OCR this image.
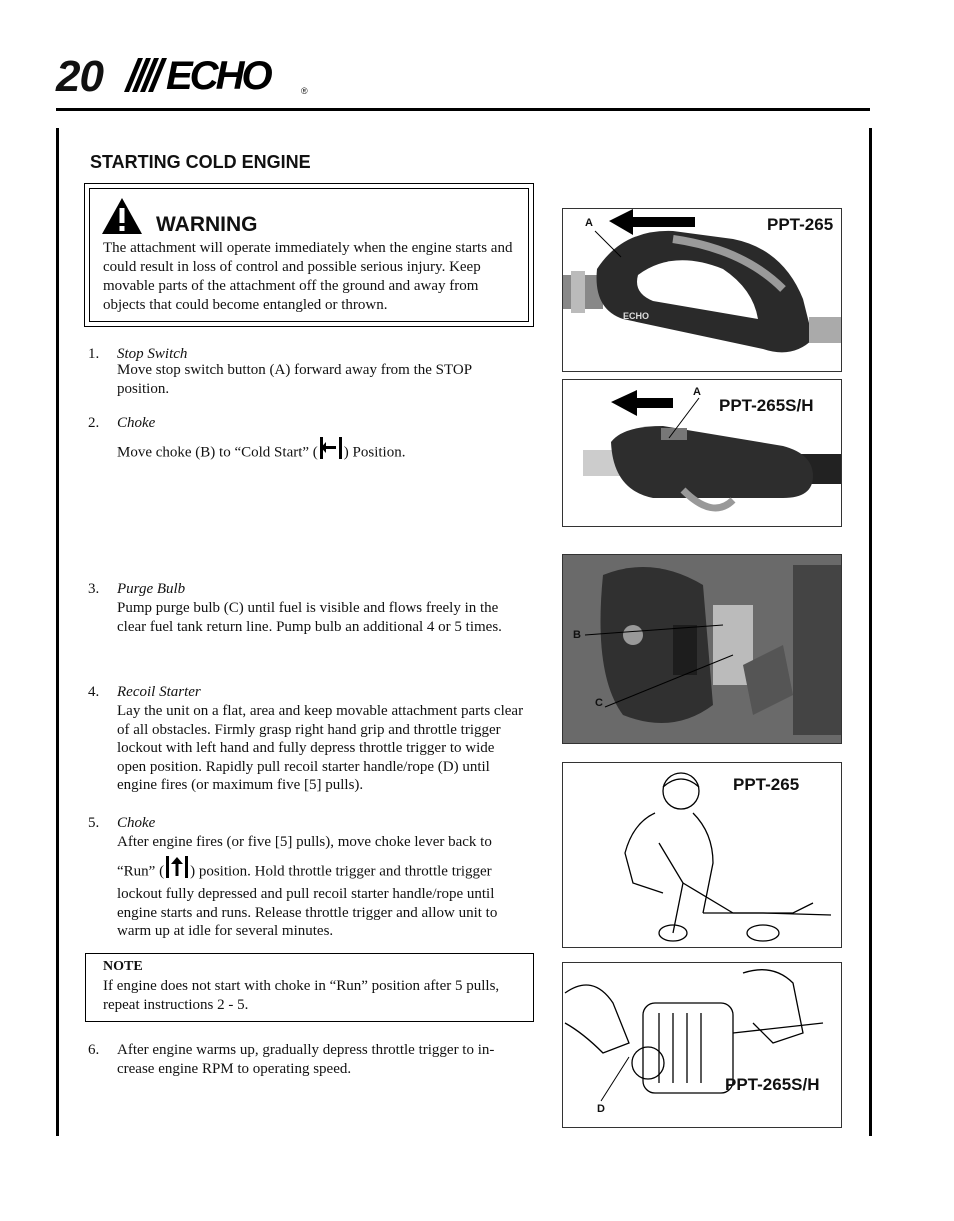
20 ECHO	®
STARTING COLD ENGINE
WARNING
The attachment will operate immediately when the engine starts and could result in loss of control and possible serious injury. Keep movable parts of the attachment off the ground and away from objects that could become entangled or thrown.
1.	Stop Switch
Move stop switch button (A) forward away from the STOP position.
2.	Choke
Move choke (B) to “Cold Start” ( ) Position.
3.	Purge Bulb
Pump purge bulb (C) until fuel is visible and flows freely in the clear fuel tank return line. Pump bulb an additional 4 or 5 times.
4.	Recoil Starter
Lay the unit on a flat, area and keep movable attachment parts clear of all obstacles. Firmly grasp right hand grip and throttle trigger lockout with left hand and fully depress throttle trigger to wide open position. Rapidly pull recoil starter handle/rope (D) until engine fires (or maximum five [5] pulls).
5.	Choke
After engine fires (or five [5] pulls), move choke lever back to
“Run” ( ) position. Hold throttle trigger and throttle trigger lockout fully depressed and pull recoil starter handle/rope until engine starts and runs. Release throttle trigger and allow unit to warm up at idle for several minutes.
NOTE
If engine does not start with choke in “Run” position after 5 pulls, repeat instructions 2 - 5.
6.	After engine warms up, gradually depress throttle trigger to in-crease engine RPM to operating speed.
ECHO
PPT-265
A
PPT-265S/H
A
B
C
PPT-265
PPT-265S/H
D
